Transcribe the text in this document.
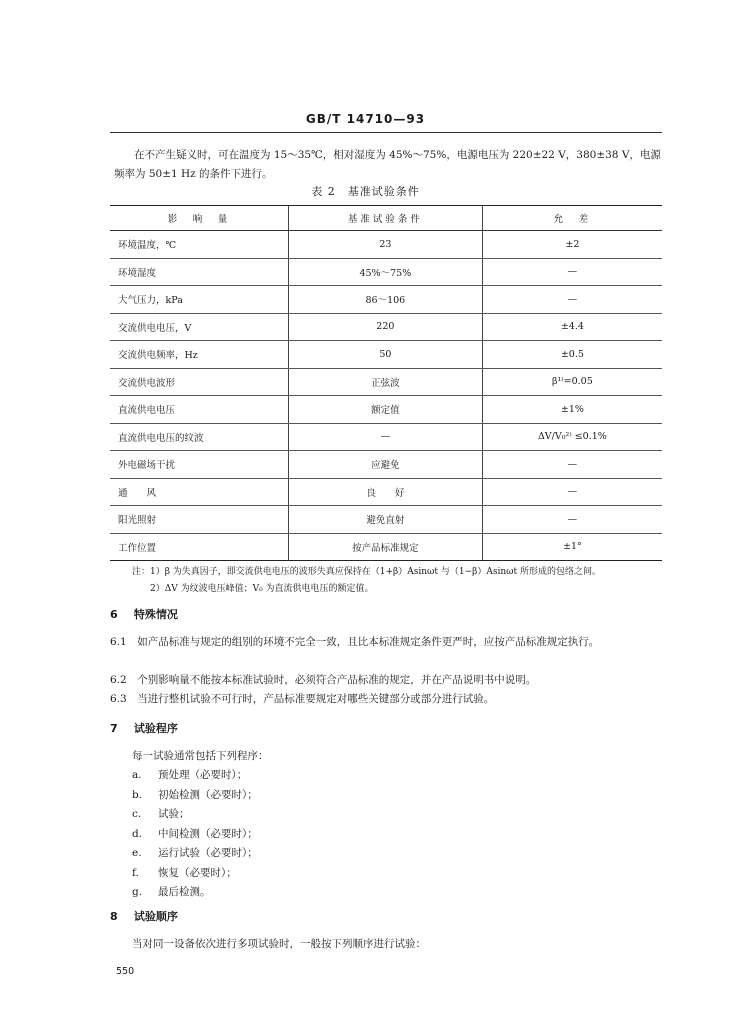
GB/T 14710—93

在不产生疑义时，可在温度为 15～35℃，相对湿度为 45%～75%，电源电压为 220±22 V，380±38 V，电源频率为 50±1 Hz 的条件下进行。

表 2　基准试验条件
影　响　量	基准试验条件	允　差
环境温度，℃	23	±2
环境湿度	45%～75%	—
大气压力，kPa	86～106	—
交流供电电压，V	220	±4.4
交流供电频率，Hz	50	±0.5
交流供电波形	正弦波	β¹⁾=0.05
直流供电电压	额定值	±1%
直流供电电压的纹波	—	ΔV/V₀²⁾ ≤0.1%
外电磁场干扰	应避免	—
通　　风	良　　好	—
阳光照射	避免直射	—
工作位置	按产品标准规定	±1°
注：1）β 为失真因子，即交流供电电压的波形失真应保持在（1+β）Asinωt 与（1−β）Asinωt 所形成的包络之间。
2）ΔV 为纹波电压峰值；V₀ 为直流供电电压的额定值。
6 特殊情况
6.1　如产品标准与规定的组别的环境不完全一致，且比本标准规定条件更严时，应按产品标准规定执行。
6.2　个别影响量不能按本标准试验时，必须符合产品标准的规定，并在产品说明书中说明。
6.3　当进行整机试验不可行时，产品标准要规定对哪些关键部分或部分进行试验。
7 试验程序
每一试验通常包括下列程序：
a.	预处理（必要时）；
b.	初始检测（必要时）；
c.	试验；
d.	中间检测（必要时）；
e.	运行试验（必要时）；
f.	恢复（必要时）；
g.	最后检测。
8 试验顺序
当对同一设备依次进行多项试验时，一般按下列顺序进行试验：
550
